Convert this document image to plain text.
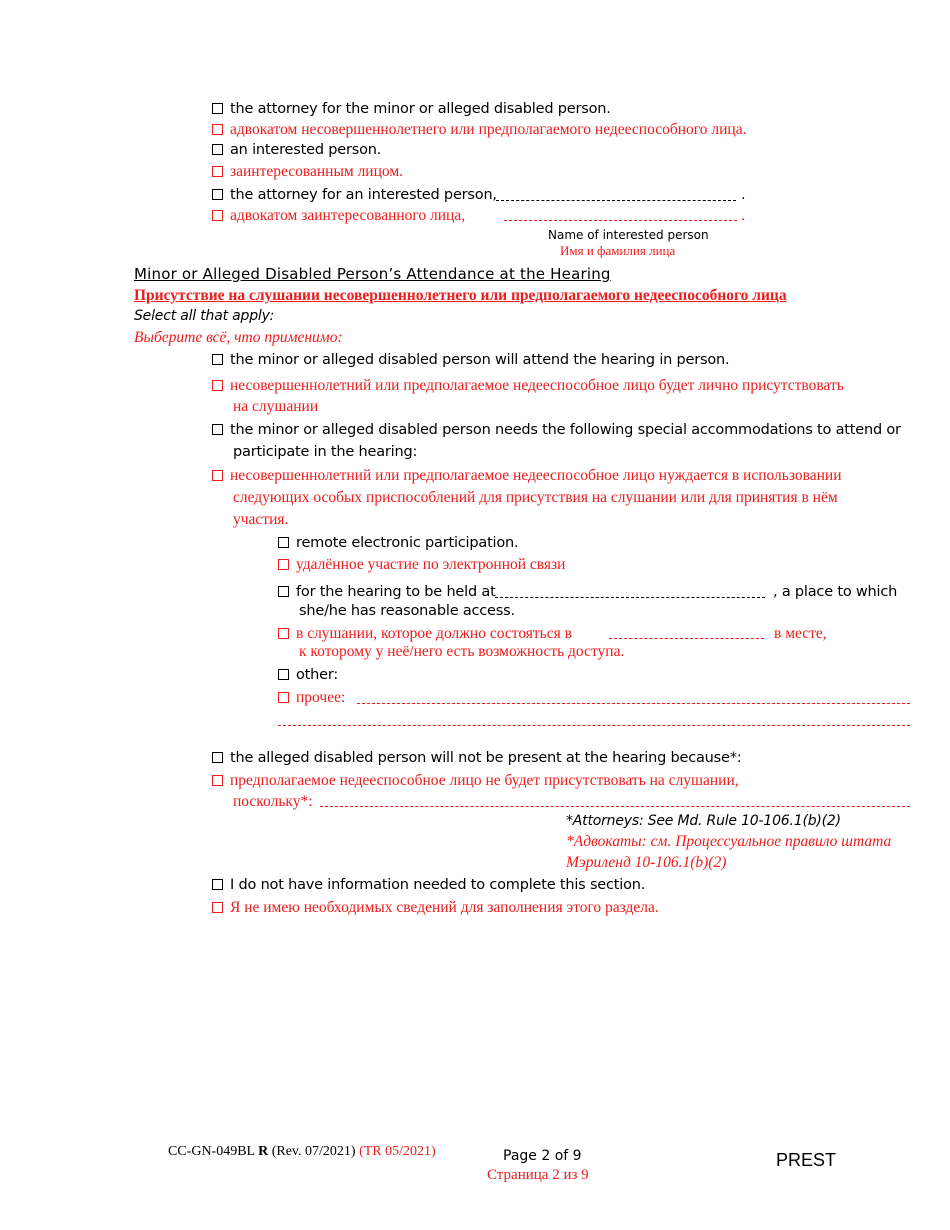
the attorney for the minor or alleged disabled person.
адвокатом несовершеннолетнего или предполагаемого недееспособного лица.
an interested person.
заинтересованным лицом.
the attorney for an interested person,	.
адвокатом заинтересованного лица,	.
Name of interested person
Имя и фамилия лица
Minor or Alleged Disabled Person’s Attendance at the Hearing
Присутствие на слушании несовершеннолетнего или предполагаемого недееспособного лица
Select all that apply:
Выберите всё, что применимо:
the minor or alleged disabled person will attend the hearing in person.
несовершеннолетний или предполагаемое недееспособное лицо будет лично присутствовать
на слушании
the minor or alleged disabled person needs the following special accommodations to attend or
participate in the hearing:
несовершеннолетний или предполагаемое недееспособное лицо нуждается в использовании
следующих особых приспособлений для присутствия на слушании или для принятия в нём
участия.
remote electronic participation.
удалённое участие по электронной связи
for the hearing to be held at	, a place to which
she/he has reasonable access.
в слушании, которое должно состояться в	в месте,
к которому у неё/него есть возможность доступа.
other:
прочее:
the alleged disabled person will not be present at the hearing because*:
предполагаемое недееспособное лицо не будет присутствовать на слушании,
поскольку*:
*Attorneys: See Md. Rule 10-106.1(b)(2)
*Адвокаты: см. Процессуальное правило штата
Мэриленд 10-106.1(b)(2)
I do not have information needed to complete this section.
Я не имею необходимых сведений для заполнения этого раздела.
CC-GN-049BL R (Rev. 07/2021) (TR 05/2021)	Page 2 of 9
Страница 2 из 9
PREST
